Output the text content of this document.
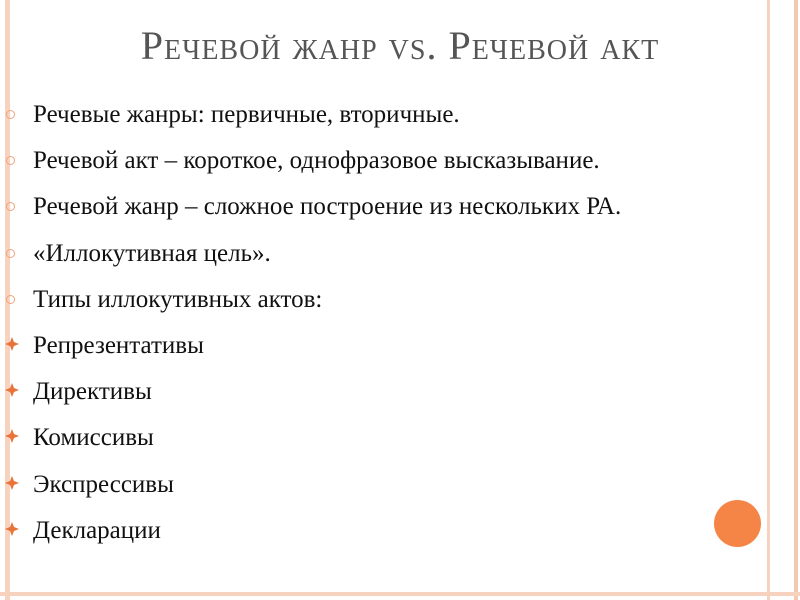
Речевой жанр vs. Речевой акт
Речевые жанры: первичные, вторичные.
Речевой акт – короткое, однофразовое высказывание.
Речевой жанр – сложное построение из нескольких РА.
«Иллокутивная цель».
Типы иллокутивных актов:
Репрезентативы
Директивы
Комиссивы
Экспрессивы
Декларации
